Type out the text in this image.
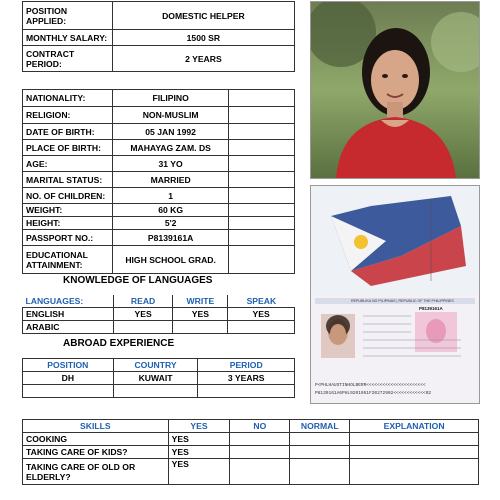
POSITION APPLIED:	DOMESTIC HELPER
MONTHLY SALARY:	1500 SR
CONTRACT PERIOD:	2 YEARS
NATIONALITY:	FILIPINO	
RELIGION:	NON-MUSLIM	
DATE OF BIRTH:	05 JAN 1992	
PLACE OF BIRTH:	MAHAYAG ZAM. DS	
AGE:	31 YO	
MARITAL STATUS:	MARRIED	
NO. OF CHILDREN:	1	
WEIGHT:	60 KG	
HEIGHT:	5'2	
PASSPORT NO.:	P8139161A	
EDUCATIONAL ATTAINMENT:	HIGH SCHOOL GRAD.	
P<PHLHAUSTINHOLBERR<<<<<<<<<<<<<<<<<<<<<<
P8139161A6PHL9201051F20272902<<<<<<<<<<<<02
REPUBLIKA NG PILIPINAS | REPUBLIC OF THE PHILIPPINES
P8139161A
KNOWLEDGE OF LANGUAGES
LANGUAGES:	READ	WRITE	SPEAK
ENGLISH	YES	YES	YES
ARABIC			
ABROAD EXPERIENCE
POSITION	COUNTRY	PERIOD
DH	KUWAIT	3 YEARS

SKILLS	YES	NO	NORMAL	EXPLANATION
COOKING	YES			
TAKING CARE OF KIDS?	YES			
TAKING CARE OF OLD OR ELDERLY?	YES			
